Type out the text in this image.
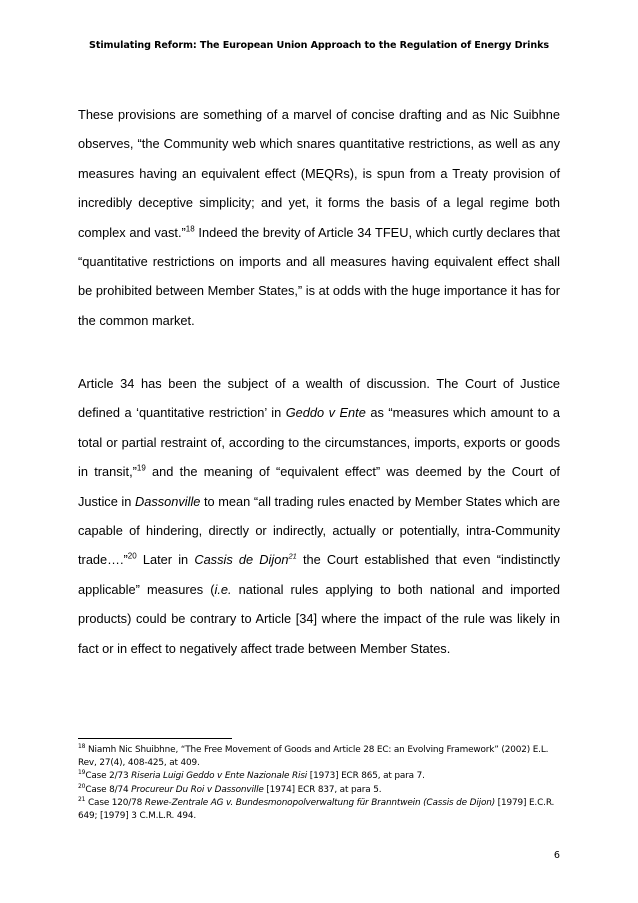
Stimulating Reform: The European Union Approach to the Regulation of Energy Drinks

These provisions are something of a marvel of concise drafting and as Nic Suibhne observes, “the Community web which snares quantitative restrictions, as well as any measures having an equivalent effect (MEQRs), is spun from a Treaty provision of incredibly deceptive simplicity; and yet, it forms the basis of a legal regime both complex and vast.”$^{18}$ Indeed the brevity of Article 34 TFEU, which curtly declares that “quantitative restrictions on imports and all measures having equivalent effect shall be prohibited between Member States,” is at odds with the huge importance it has for the common market.

Article 34 has been the subject of a wealth of discussion. The Court of Justice defined a ‘quantitative restriction’ in Geddo v Ente as “measures which amount to a total or partial restraint of, according to the circumstances, imports, exports or goods in transit,”$^{19}$ and the meaning of “equivalent effect” was deemed by the Court of Justice in Dassonville to mean “all trading rules enacted by Member States which are capable of hindering, directly or indirectly, actually or potentially, intra-Community trade….”$^{20}$ Later in Cassis de Dijon$^{21}$ the Court established that even “indistinctly applicable” measures (i.e. national rules applying to both national and imported products) could be contrary to Article [34] where the impact of the rule was likely in fact or in effect to negatively affect trade between Member States.

$^{18}$ Niamh Nic Shuibhne, “The Free Movement of Goods and Article 28 EC: an Evolving Framework” (2002) E.L. Rev, 27(4), 408-425, at 409.

$^{19}$Case 2/73 Riseria Luigi Geddo v Ente Nazionale Risi [1973] ECR 865, at para 7.

$^{20}$Case 8/74 Procureur Du Roi v Dassonville [1974] ECR 837, at para 5.

$^{21}$ Case 120/78 Rewe-Zentrale AG v. Bundesmonopolverwaltung für Branntwein (Cassis de Dijon) [1979] E.C.R. 649; [1979] 3 C.M.L.R. 494.

6
